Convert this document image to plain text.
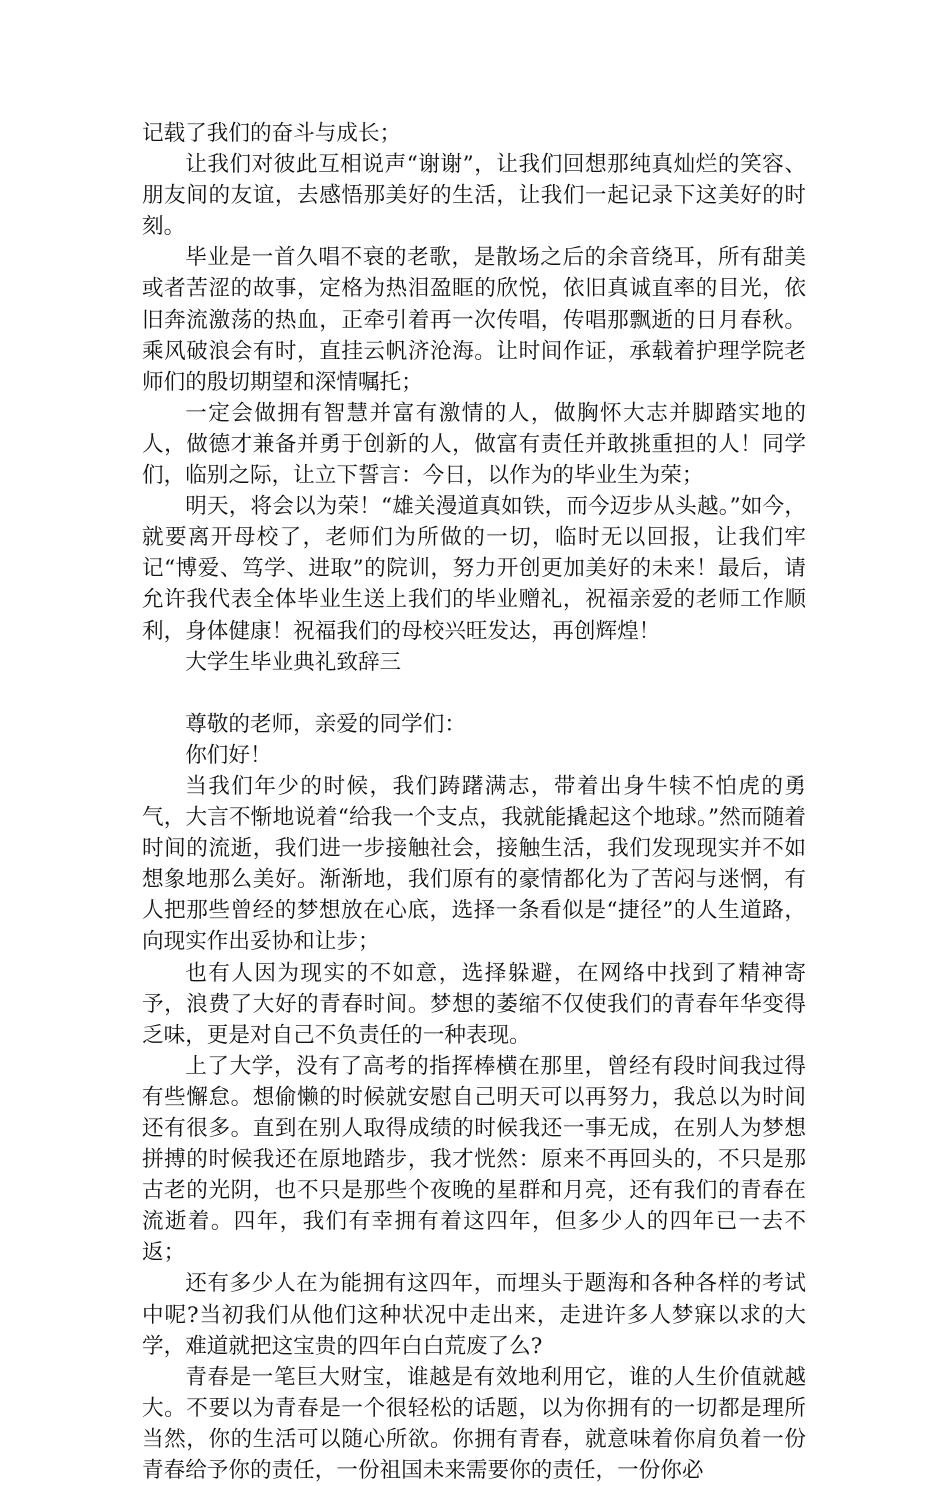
记载了我们的奋斗与成长；

让我们对彼此互相说声“谢谢”，让我们回想那纯真灿烂的笑容、朋友间的友谊，去感悟那美好的生活，让我们一起记录下这美好的时刻。

毕业是一首久唱不衰的老歌，是散场之后的余音绕耳，所有甜美或者苦涩的故事，定格为热泪盈眶的欣悦，依旧真诚直率的目光，依旧奔流激荡的热血，正牵引着再一次传唱，传唱那飘逝的日月春秋。乘风破浪会有时，直挂云帆济沧海。让时间作证，承载着护理学院老师们的殷切期望和深情嘱托；

一定会做拥有智慧并富有激情的人，做胸怀大志并脚踏实地的人，做德才兼备并勇于创新的人，做富有责任并敢挑重担的人！同学们，临别之际，让立下誓言：今日，以作为的毕业生为荣；

明天，将会以为荣！“雄关漫道真如铁，而今迈步从头越。”如今，就要离开母校了，老师们为所做的一切，临时无以回报，让我们牢记“博爱、笃学、进取”的院训，努力开创更加美好的未来！最后，请允许我代表全体毕业生送上我们的毕业赠礼，祝福亲爱的老师工作顺利，身体健康！祝福我们的母校兴旺发达，再创辉煌！

大学生毕业典礼致辞三

尊敬的老师，亲爱的同学们：

你们好！

当我们年少的时候，我们踌躇满志，带着出身牛犊不怕虎的勇气，大言不惭地说着“给我一个支点，我就能撬起这个地球。”然而随着时间的流逝，我们进一步接触社会，接触生活，我们发现现实并不如想象地那么美好。渐渐地，我们原有的豪情都化为了苦闷与迷惘，有人把那些曾经的梦想放在心底，选择一条看似是“捷径”的人生道路，向现实作出妥协和让步；

也有人因为现实的不如意，选择躲避，在网络中找到了精神寄予，浪费了大好的青春时间。梦想的萎缩不仅使我们的青春年华变得乏味，更是对自己不负责任的一种表现。

上了大学，没有了高考的指挥棒横在那里，曾经有段时间我过得有些懈怠。想偷懒的时候就安慰自己明天可以再努力，我总以为时间还有很多。直到在别人取得成绩的时候我还一事无成，在别人为梦想拼搏的时候我还在原地踏步，我才恍然：原来不再回头的，不只是那古老的光阴，也不只是那些个夜晚的星群和月亮，还有我们的青春在流逝着。四年，我们有幸拥有着这四年，但多少人的四年已一去不返；

还有多少人在为能拥有这四年，而埋头于题海和各种各样的考试中呢?当初我们从他们这种状况中走出来，走进许多人梦寐以求的大学，难道就把这宝贵的四年白白荒废了么?

青春是一笔巨大财宝，谁越是有效地利用它，谁的人生价值就越大。不要以为青春是一个很轻松的话题，以为你拥有的一切都是理所当然，你的生活可以随心所欲。你拥有青春，就意味着你肩负着一份青春给予你的责任，一份祖国未来需要你的责任，一份你必
